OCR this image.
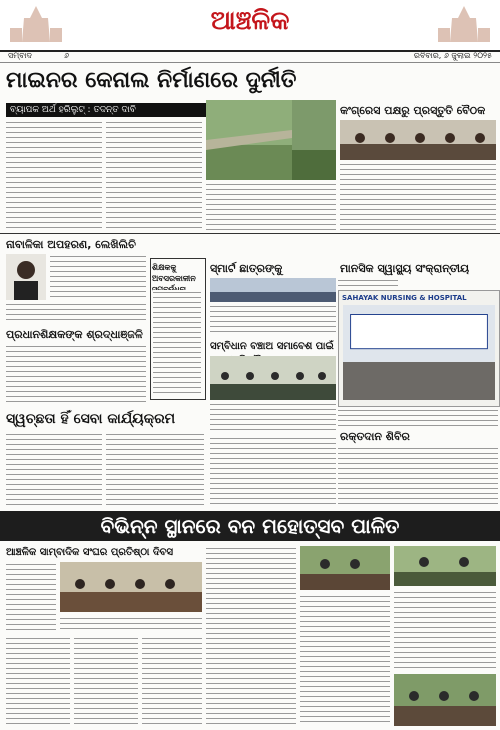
ଆଞ୍ଚଳିକ
ସମ୍ବାଦ	୬	ରବିବାର, ୬ ଜୁଲାଇ ୨୦୨୫
ମାଇନର କେନାଲ ନିର୍ମାଣରେ ଦୁର୍ନୀତି
ବ୍ୟାପକ ଅର୍ଥ ହରିଲୁଟ୍ : ତଦନ୍ତ ଦାବି	କଂଗ୍ରେସ ପକ୍ଷରୁ ପ୍ରସ୍ତୁତି ବୈଠକ
ନାବାଳିକା ଅପହରଣ, ଲେଖିଲିଚି
ଶିକ୍ଷକକୁ ଅବସରକାଳୀନ
ସ୍ମାର୍ଟ ଛାତ୍ରଙ୍କୁ	ମାନସିକ ସ୍ୱାସ୍ଥ୍ୟ ସଂକ୍ରାନ୍ତୀୟ
SAHAYAK NURSING & HOSPITAL
ପ୍ରଧାନଶିକ୍ଷକଙ୍କ ଶ୍ରଦ୍ଧାଞ୍ଜଳି
ସମ୍ବିଧାନ ବଞ୍ଚାଅ ସମାବେଶ ପାଇଁ
ରକ୍ତଦାନ ଶିବିର
ସ୍ୱଚ୍ଛତା ହିଁ ସେବା କାର୍ଯ୍ୟକ୍ରମ
ବିଭିନ୍ନ ସ୍ଥାନରେ ବନ ମହୋତ୍ସବ ପାଳିତ
ଆଞ୍ଚଳିକ ସାମ୍ବାଦିକ ସଂଘର ପ୍ରତିଷ୍ଠା ଦିବସ
